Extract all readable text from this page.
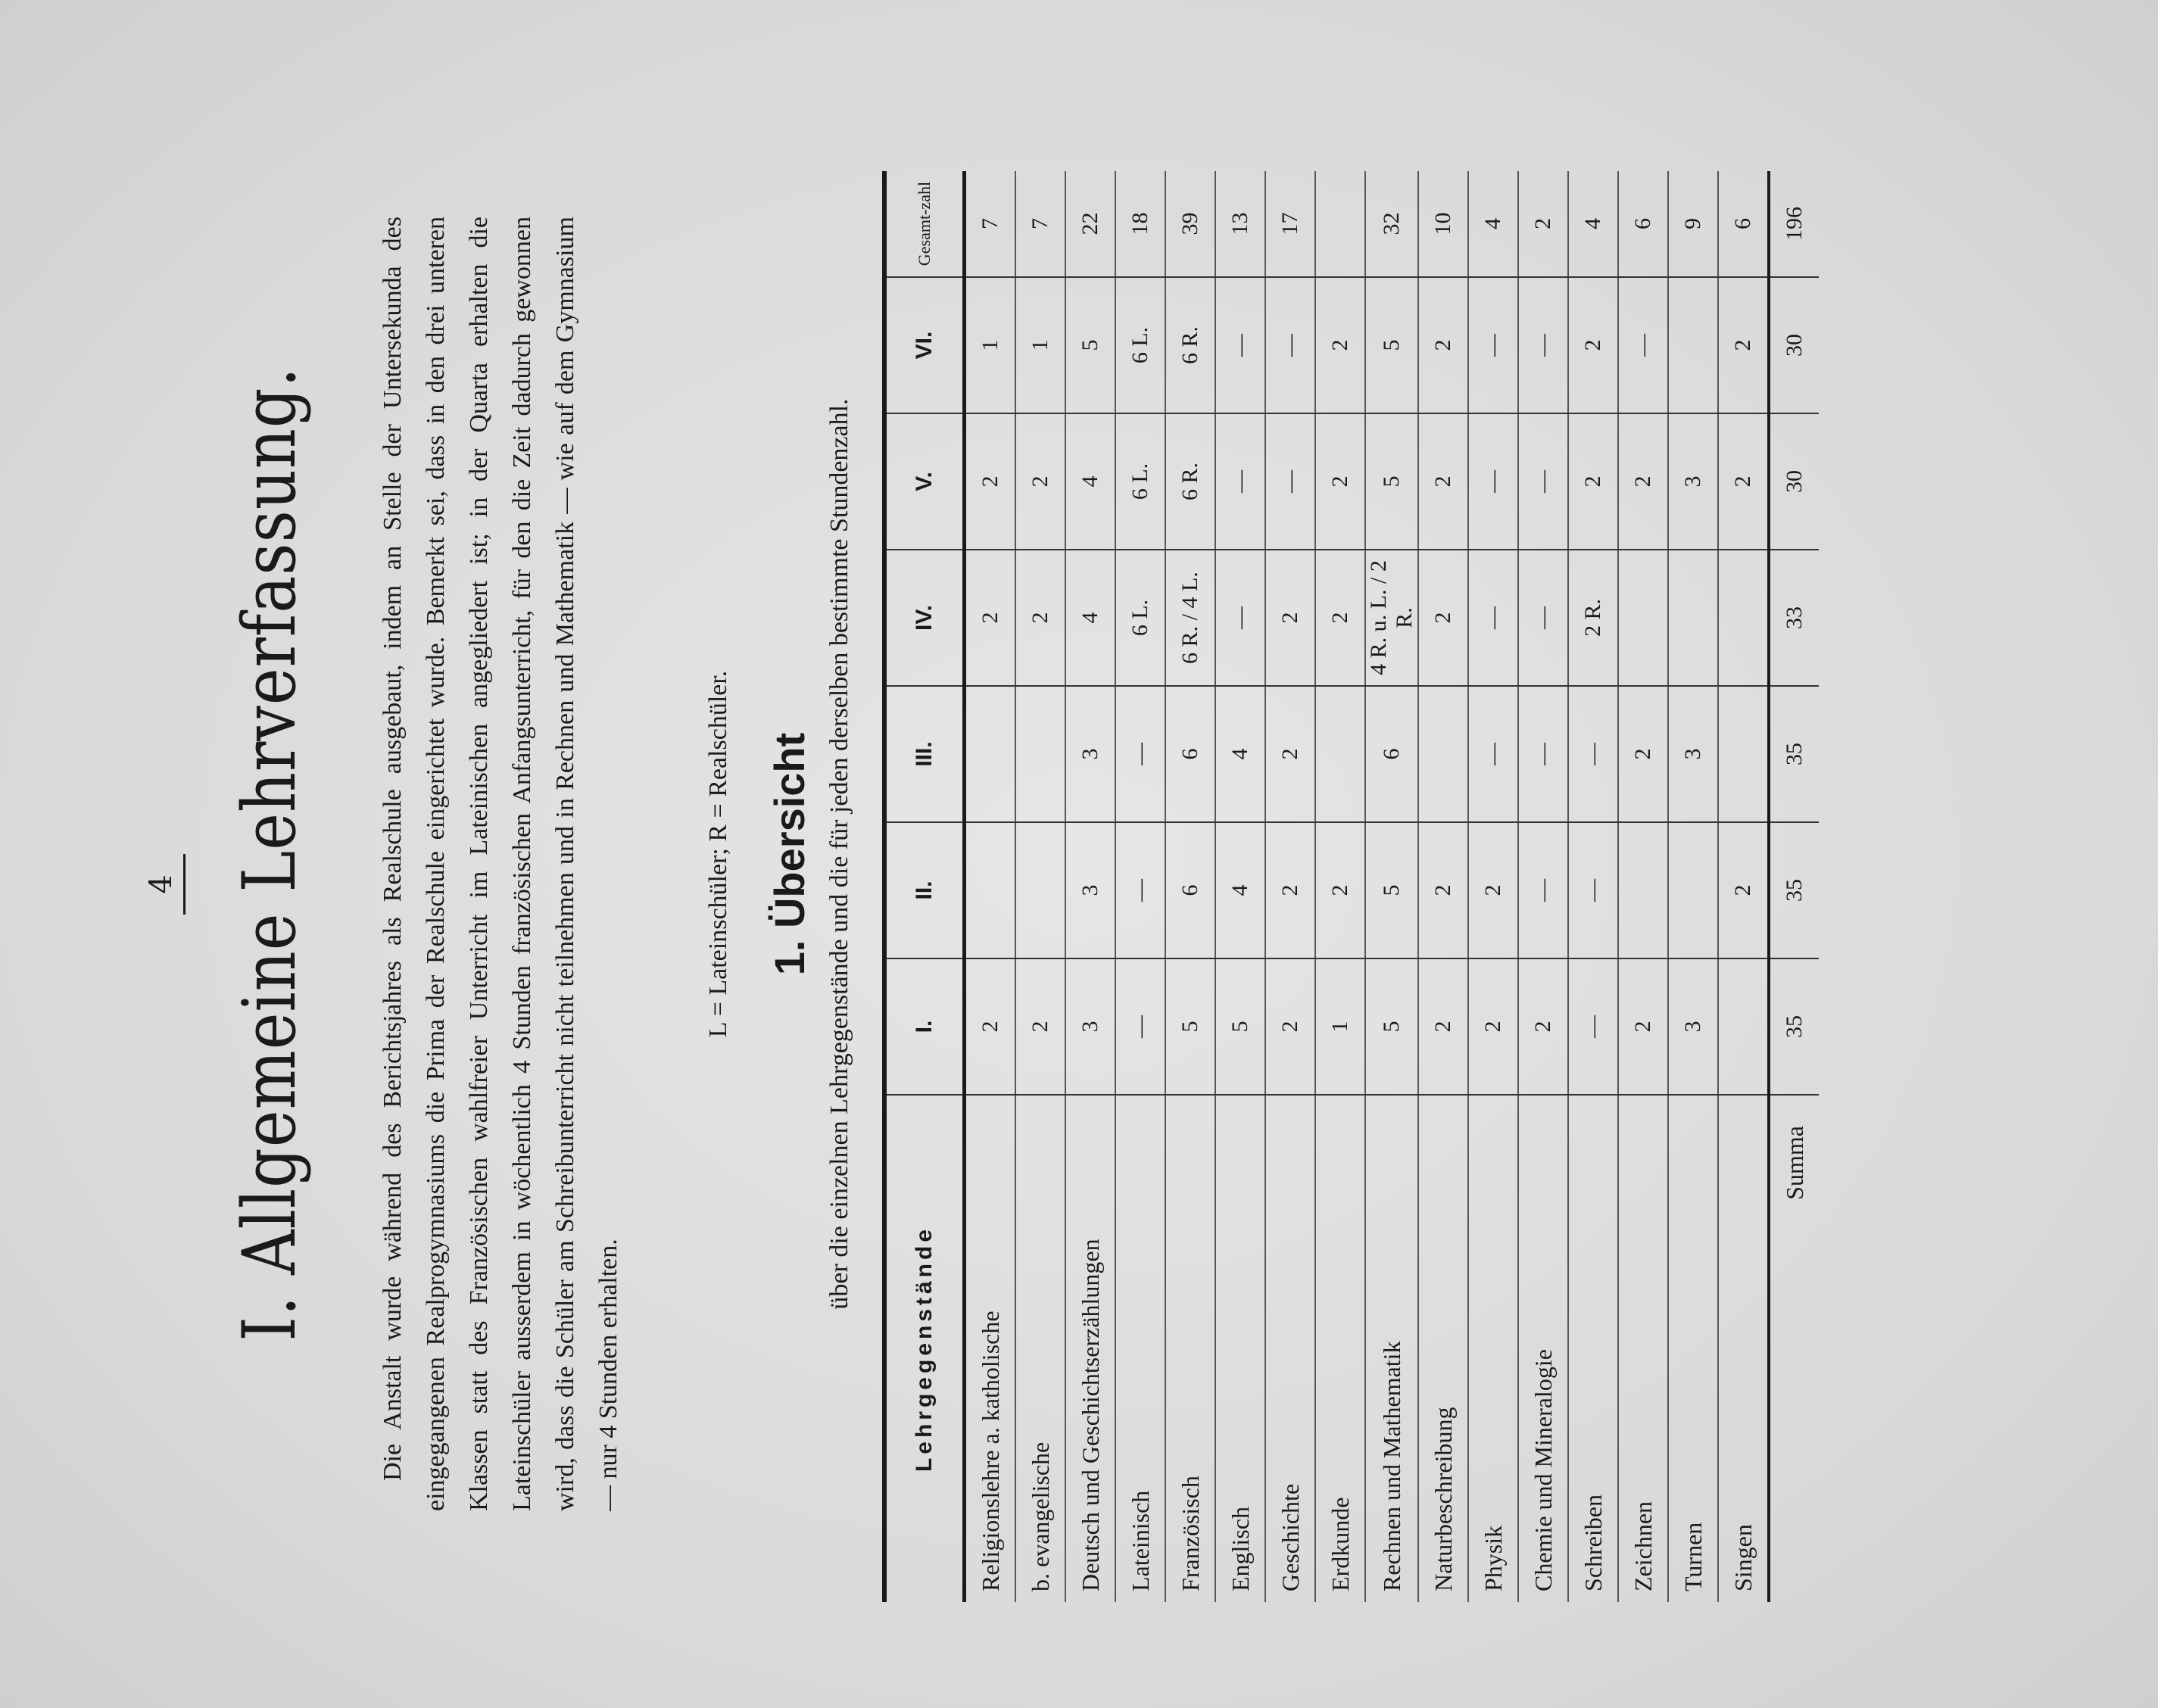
4 I. Allgemeine Lehrverfassung.	Die Anstalt wurde während des Berichtsjahres als Realschule ausgebaut, indem an Stelle der Untersekunda des eingegangenen Realprogymnasiums die Prima der Realschule eingerichtet wurde. Bemerkt sei, dass in den drei unteren Klassen statt des Französischen wahlfreier Unterricht im Lateinischen angegliedert ist; in der Quarta erhalten die Lateinschüler ausserdem in wöchentlich 4 Stunden französischen Anfangsunterricht, für den die Zeit dadurch gewonnen wird, dass die Schüler am Schreibunterricht nicht teilnehmen und in Rechnen und Mathematik — wie auf dem Gymnasium — nur 4 Stunden erhalten.

L = Lateinschüler; R = Realschüler. 1. Übersicht über die einzelnen Lehrgegenstände und die für jeden derselben bestimmte Stundenzahl.
Lehrgegenstände	I.	II.	III.	IV.	V.	VI.	Gesamt-zahl
Religionslehre a. katholische	2			2	2	1	7
b. evangelische	2			2	2	1	7
Deutsch und Geschichtserzählungen	3	3	3	4	4	5	22
Lateinisch	—	—	—	6 L.	6 L.	6 L.	18
Französisch	5	6	6	6 R. / 4 L.	6 R.	6 R.	39
Englisch	5	4	4	—	—	—	13
Geschichte	2	2	2	2	—	—	17
Erdkunde	1	2		2	2	2	
Rechnen und Mathematik	5	5	6	4 R. u. L. / 2 R.	5	5	32
Naturbeschreibung	2	2		2	2	2	10
Physik	2	2	—	—	—	—	4
Chemie und Mineralogie	2	—	—	—	—	—	2
Schreiben	—	—	—	2 R.	2	2	4
Zeichnen	2		2		2	—	6
Turnen	3		3		3		9
Singen		2			2	2	6
Summa	35	35	35	33	30	30	196
